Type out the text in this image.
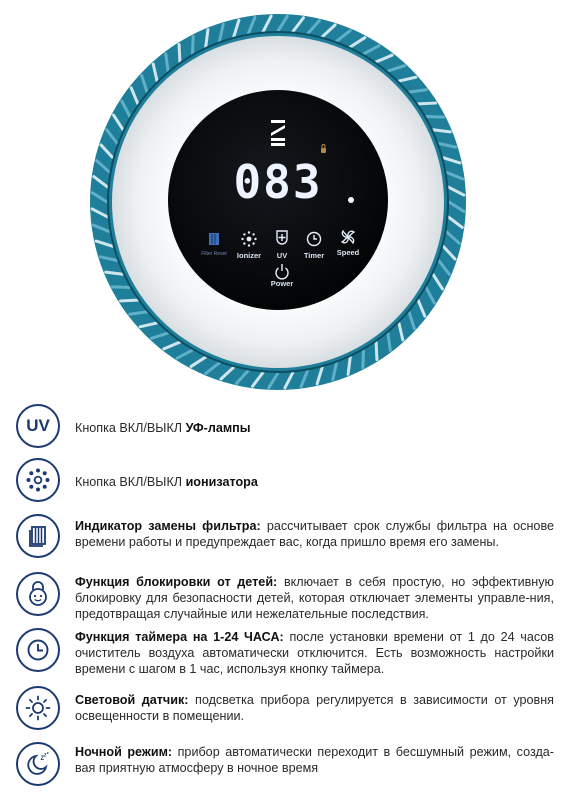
083
Filter Reset Ionizer UV Timer Speed
Power
UV Кнопка ВКЛ/ВЫКЛ УФ-лампы
Кнопка ВКЛ/ВЫКЛ ионизатора
Индикатор замены фильтра: рассчитывает срок службы фильтра на основе времени работы и предупреждает вас, когда пришло время его замены.
Функция блокировки от детей: включает в себя простую, но эффективную блокировку для безопасности детей, которая отключает элементы управле-ния, предотвращая случайные или нежелательные последствия.
Функция таймера на 1-24 ЧАСА: после установки времени от 1 до 24 часов очиститель воздуха автоматически отключится. Есть возможность настройки времени с шагом в 1 час, используя кнопку таймера.
Световой датчик: подсветка прибора регулируется в зависимости от уровня освещенности в помещении.
Z
z z Ночной режим: прибор автоматически переходит в бесшумный режим, созда-вая приятную атмосферу в ночное время
